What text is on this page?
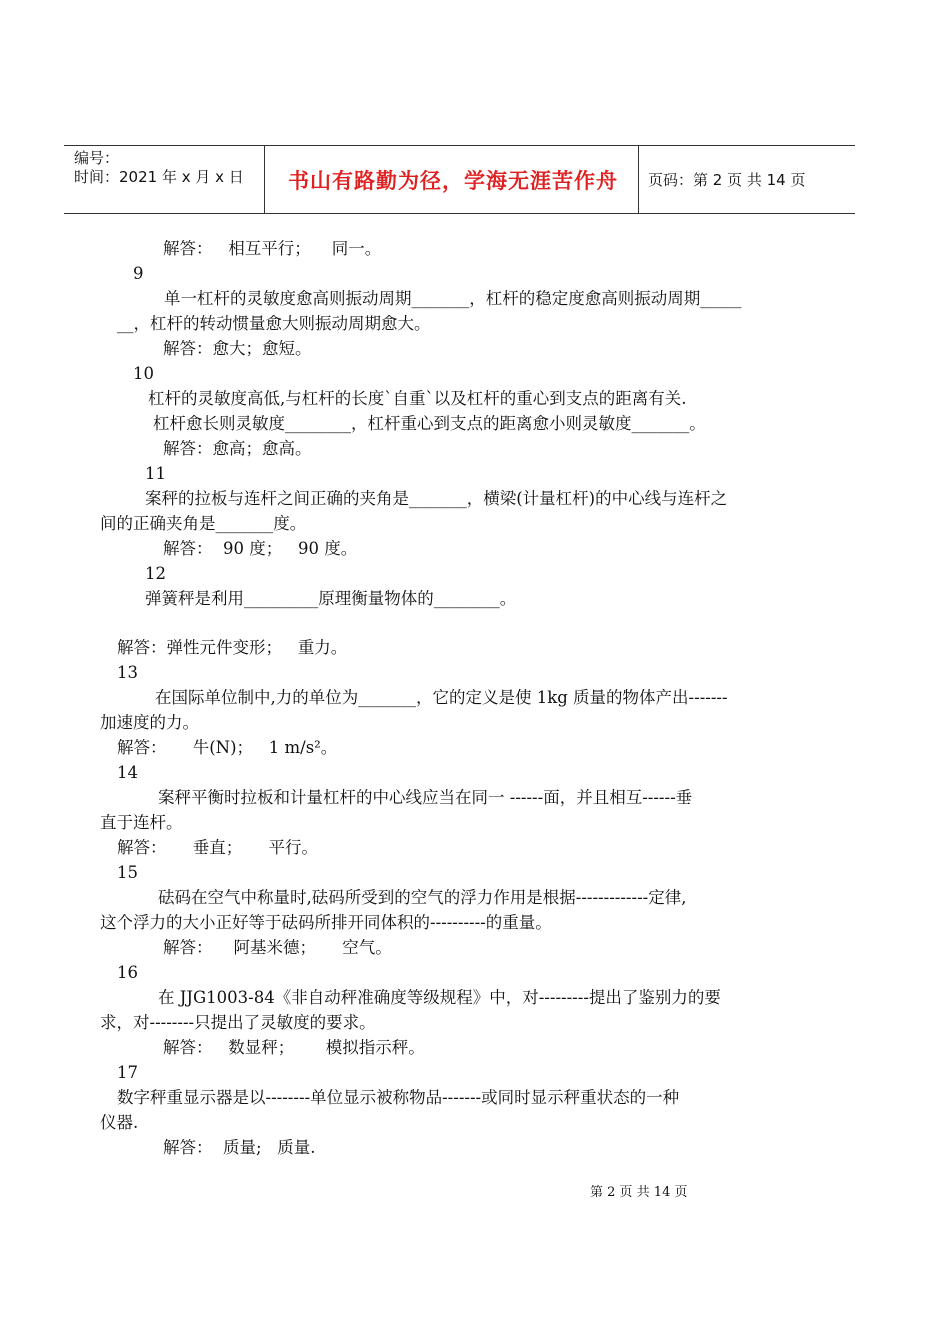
编号：
时间：2021 年 x 月 x 日	书山有路勤为径，学海无涯苦作舟	页码：第 2 页 共 14 页
解答：   相互平行；    同一。
9
单一杠杆的灵敏度愈高则振动周期_______，杠杆的稳定度愈高则振动周期_____
__，杠杆的转动惯量愈大则振动周期愈大。
解答：愈大；愈短。
10
杠杆的灵敏度高低,与杠杆的长度`自重`以及杠杆的重心到支点的距离有关.
杠杆愈长则灵敏度________，杠杆重心到支点的距离愈小则灵敏度_______。
解答：愈高；愈高。
11
案秤的拉板与连杆之间正确的夹角是_______，横梁(计量杠杆)的中心线与连杆之
间的正确夹角是_______度。
解答：  90 度；   90 度。
12
弹簧秤是利用_________原理衡量物体的________。
解答：弹性元件变形；   重力。
13
在国际单位制中,力的单位为_______，它的定义是使 1kg 质量的物体产出-------
加速度的力。
解答：     牛(N)；   1 m/s²。
14
案秤平衡时拉板和计量杠杆的中心线应当在同一 ------面，并且相互------垂
直于连杆。
解答：     垂直；     平行。
15
砝码在空气中称量时,砝码所受到的空气的浮力作用是根据-------------定律,
这个浮力的大小正好等于砝码所排开同体积的----------的重量。
解答：    阿基米德；     空气。
16
在 JJG1003-84《非自动秤准确度等级规程》中，对---------提出了鉴别力的要
求，对--------只提出了灵敏度的要求。
解答：   数显秤；      模拟指示秤。
17
数字秤重显示器是以--------单位显示被称物品-------或同时显示秤重状态的一种
仪器.
解答：  质量;   质量.
第 2 页 共 14 页
